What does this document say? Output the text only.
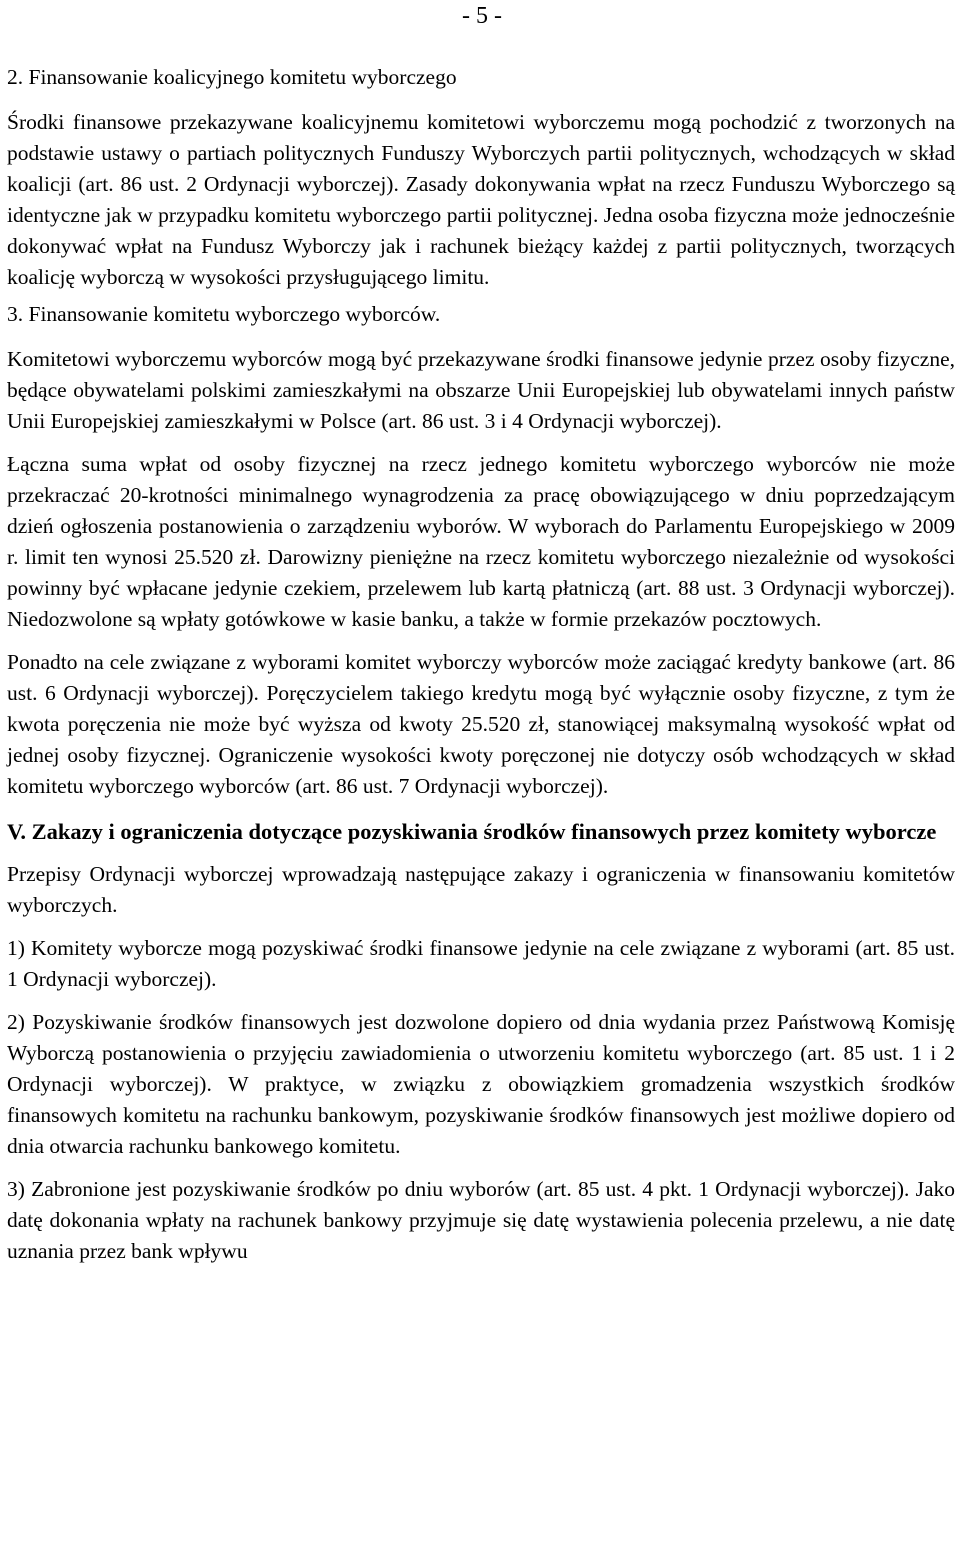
- 5 -

2. Finansowanie koalicyjnego komitetu wyborczego

Środki finansowe przekazywane koalicyjnemu komitetowi wyborczemu mogą pochodzić z tworzonych na podstawie ustawy o partiach politycznych Funduszy Wyborczych partii politycznych, wchodzących w skład koalicji (art. 86 ust. 2 Ordynacji wyborczej). Zasady dokonywania wpłat na rzecz Funduszu Wyborczego są identyczne jak w przypadku komitetu wyborczego partii politycznej. Jedna osoba fizyczna może jednocześnie dokonywać wpłat na Fundusz Wyborczy jak i rachunek bieżący każdej z partii politycznych, tworzących koalicję wyborczą w wysokości przysługującego limitu.

3. Finansowanie komitetu wyborczego wyborców.

Komitetowi wyborczemu wyborców mogą być przekazywane środki finansowe jedynie przez osoby fizyczne, będące obywatelami polskimi zamieszkałymi na obszarze Unii Europejskiej lub obywatelami innych państw Unii Europejskiej zamieszkałymi w Polsce (art. 86 ust. 3 i 4 Ordynacji wyborczej).

Łączna suma wpłat od osoby fizycznej na rzecz jednego komitetu wyborczego wyborców nie może przekraczać 20-krotności minimalnego wynagrodzenia za pracę obowiązującego w dniu poprzedzającym dzień ogłoszenia postanowienia o zarządzeniu wyborów. W wyborach do Parlamentu Europejskiego w 2009 r. limit ten wynosi 25.520 zł. Darowizny pieniężne na rzecz komitetu wyborczego niezależnie od wysokości powinny być wpłacane jedynie czekiem, przelewem lub kartą płatniczą (art. 88 ust. 3 Ordynacji wyborczej). Niedozwolone są wpłaty gotówkowe w kasie banku, a także w formie przekazów pocztowych.

Ponadto na cele związane z wyborami komitet wyborczy wyborców może zaciągać kredyty bankowe (art. 86 ust. 6 Ordynacji wyborczej). Poręczycielem takiego kredytu mogą być wyłącznie osoby fizyczne, z tym że kwota poręczenia nie może być wyższa od kwoty 25.520 zł, stanowiącej maksymalną wysokość wpłat od jednej osoby fizycznej. Ograniczenie wysokości kwoty poręczonej nie dotyczy osób wchodzących w skład komitetu wyborczego wyborców (art. 86 ust. 7 Ordynacji wyborczej).

V. Zakazy i ograniczenia dotyczące pozyskiwania środków finansowych przez komitety wyborcze

Przepisy Ordynacji wyborczej wprowadzają następujące zakazy i ograniczenia w finansowaniu komitetów wyborczych.

1) Komitety wyborcze mogą pozyskiwać środki finansowe jedynie na cele związane z wyborami (art. 85 ust. 1 Ordynacji wyborczej).

2) Pozyskiwanie środków finansowych jest dozwolone dopiero od dnia wydania przez Państwową Komisję Wyborczą postanowienia o przyjęciu zawiadomienia o utworzeniu komitetu wyborczego (art. 85 ust. 1 i 2 Ordynacji wyborczej). W praktyce, w związku z obowiązkiem gromadzenia wszystkich środków finansowych komitetu na rachunku bankowym, pozyskiwanie środków finansowych jest możliwe dopiero od dnia otwarcia rachunku bankowego komitetu.

3) Zabronione jest pozyskiwanie środków po dniu wyborów (art. 85 ust. 4 pkt. 1 Ordynacji wyborczej). Jako datę dokonania wpłaty na rachunek bankowy przyjmuje się datę wystawienia polecenia przelewu, a nie datę uznania przez bank wpływu
